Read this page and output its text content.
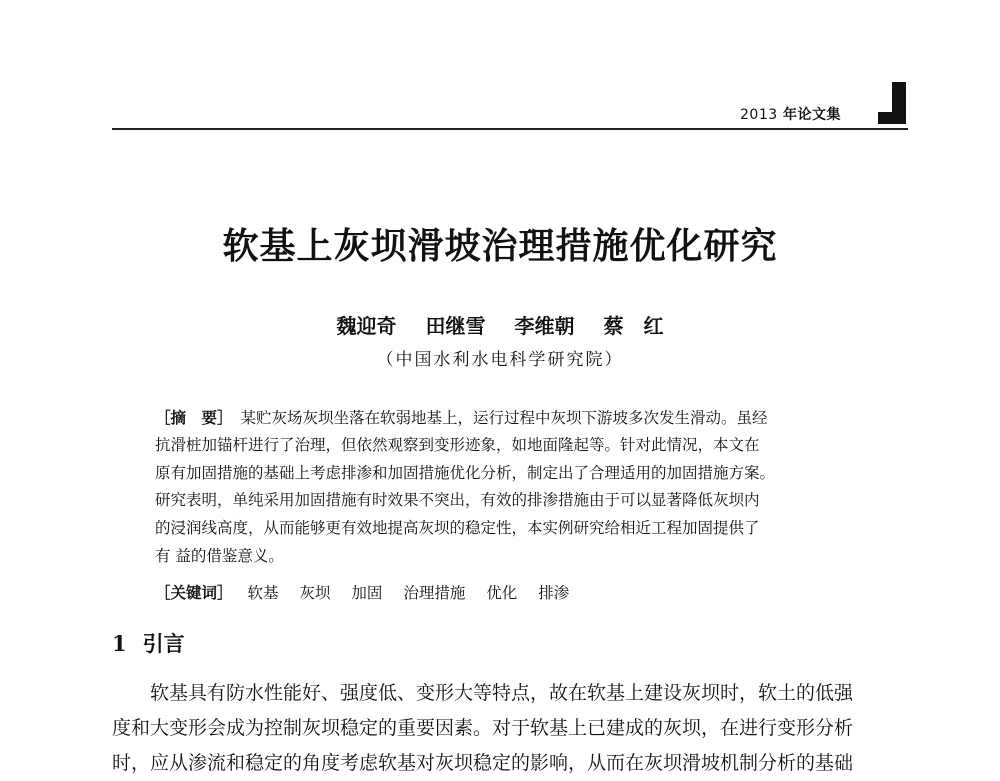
2013 年论文集
软基上灰坝滑坡治理措施优化研究
魏迎奇 田继雪 李维朝 蔡　红
（中国水利水电科学研究院）
［摘　要］ 某贮灰场灰坝坐落在软弱地基上，运行过程中灰坝下游坡多次发生滑动。虽经
抗滑桩加锚杆进行了治理，但依然观察到变形迹象，如地面隆起等。针对此情况，本文在
原有加固措施的基础上考虑排渗和加固措施优化分析，制定出了合理适用的加固措施方案。
研究表明，单纯采用加固措施有时效果不突出，有效的排渗措施由于可以显著降低灰坝内
的浸润线高度，从而能够更有效地提高灰坝的稳定性，本实例研究给相近工程加固提供了
有 益的借鉴意义。
［关键词］ 软基 灰坝 加固 治理措施 优化 排渗
1 引言
软基具有防水性能好、强度低、变形大等特点，故在软基上建设灰坝时，软土的低强
度和大变形会成为控制灰坝稳定的重要因素。对于软基上已建成的灰坝，在进行变形分析
时，应从渗流和稳定的角度考虑软基对灰坝稳定的影响，从而在灰坝滑坡机制分析的基础
